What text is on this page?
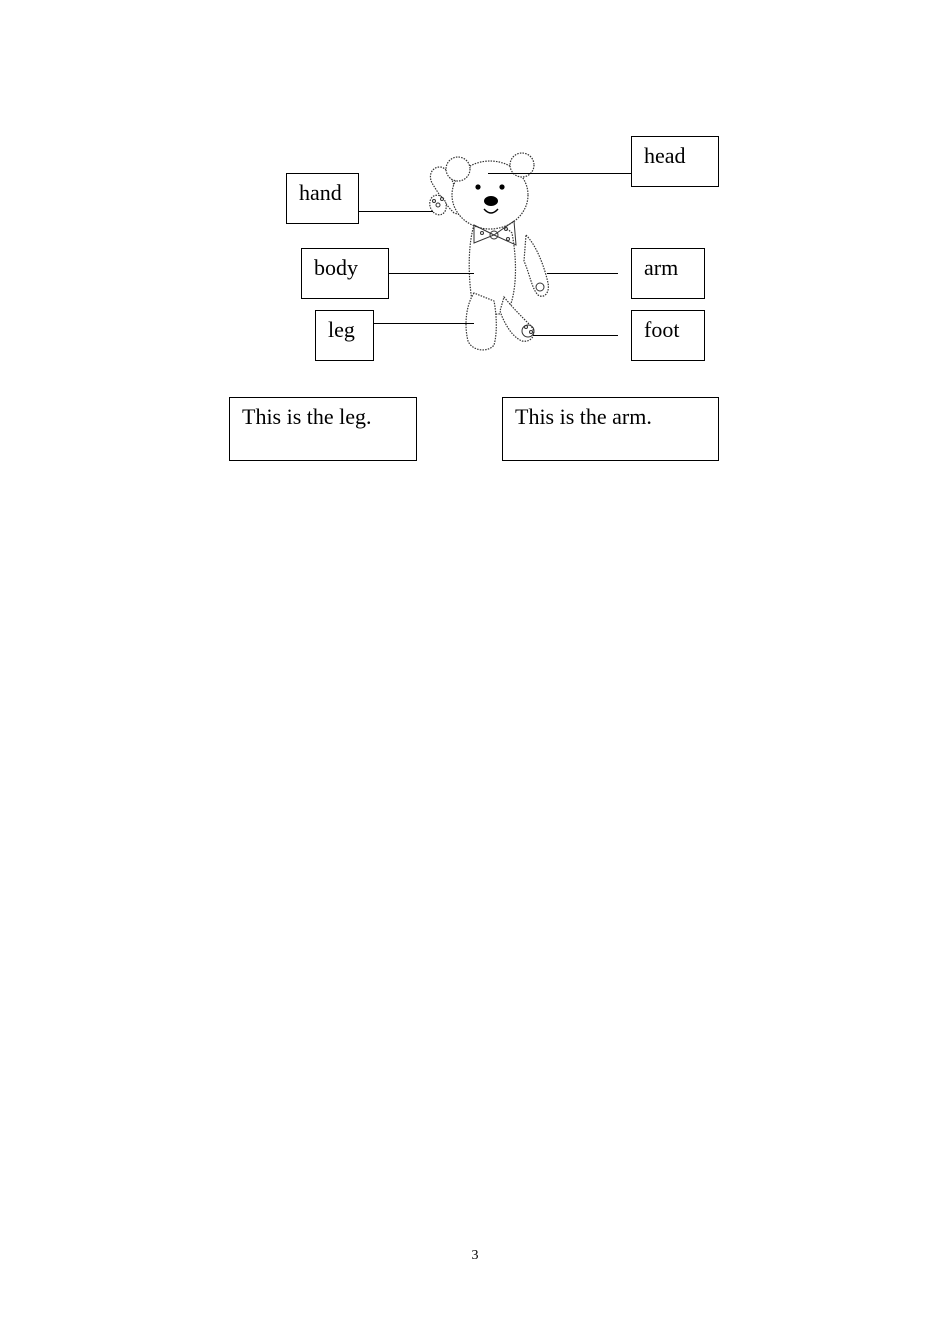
head
hand
body	arm
leg	foot
This is the leg.	This is the arm.
3
